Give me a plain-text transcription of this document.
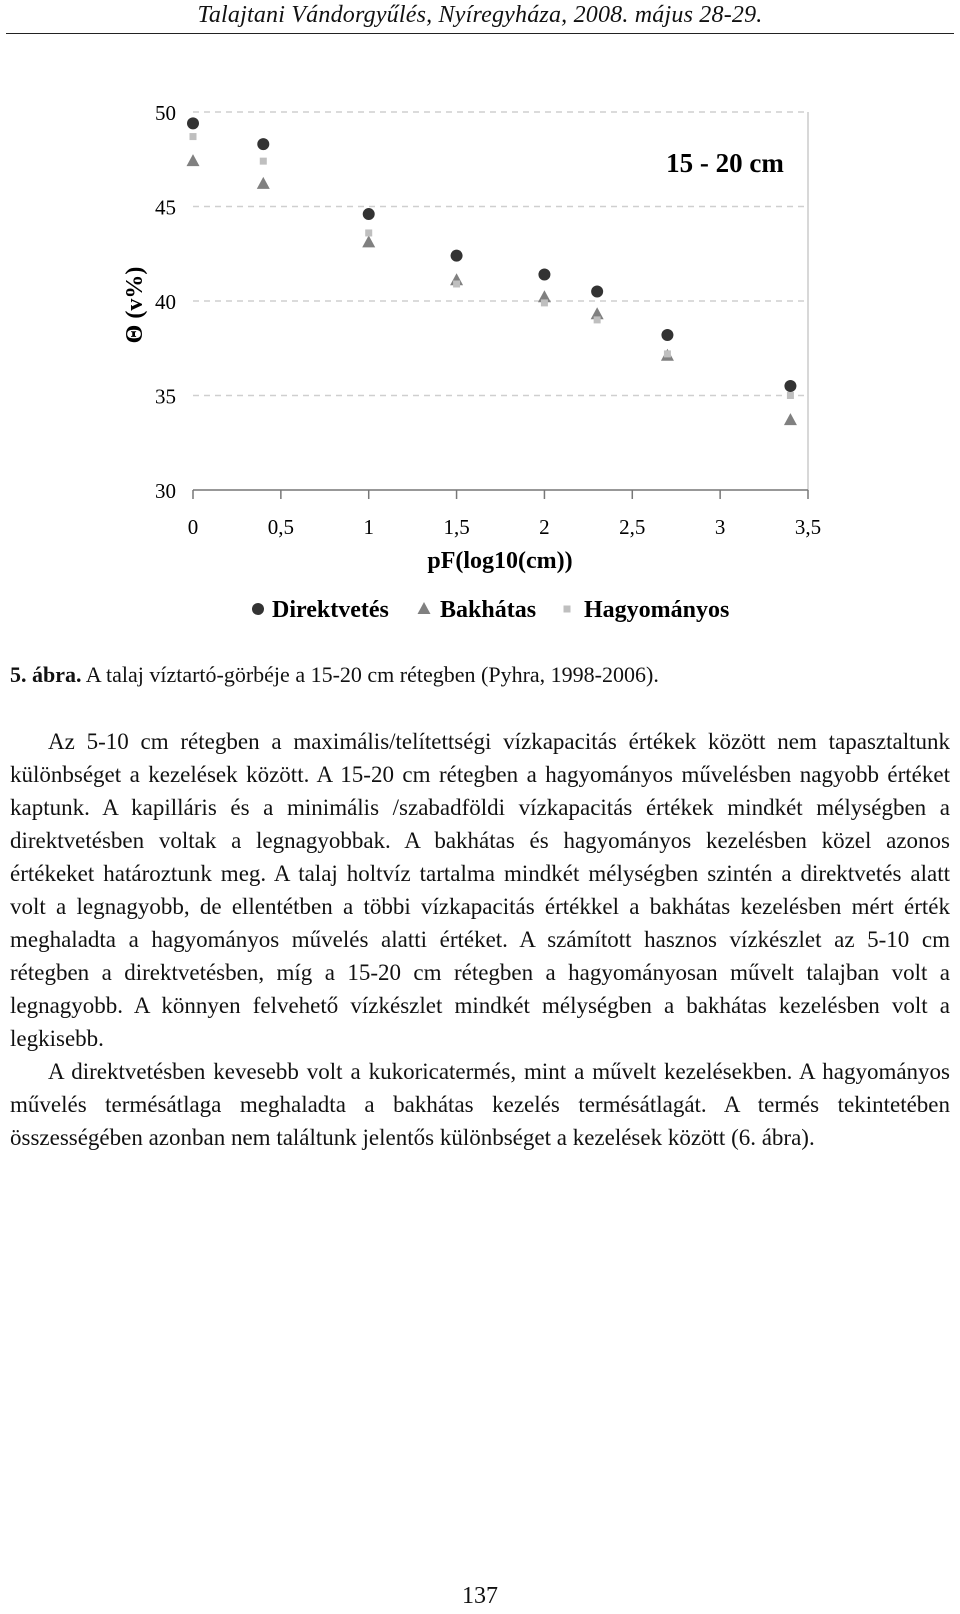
Talajtani Vándorgyűlés, Nyíregyháza, 2008. május 28-29.
30
35
40
45
50
0	0,5	1	1,5	2	2,5	3	3,5
15 - 20 cm
pF(log10(cm))
Θ (v%)
Direktvetés Bakhátas Hagyományos
5. ábra. A talaj víztartó-görbéje a 15-20 cm rétegben (Pyhra, 1998-2006).

Az 5-10 cm rétegben a maximális/telítettségi vízkapacitás értékek között nem tapasztaltunk különbséget a kezelések között. A 15-20 cm rétegben a hagyományos művelésben nagyobb értéket kaptunk. A kapilláris és a minimális /szabadföldi vízkapacitás értékek mindkét mélységben a direktvetésben voltak a legnagyobbak. A bakhátas és hagyományos kezelésben közel azonos értékeket határoztunk meg. A talaj holtvíz tartalma mindkét mélységben szintén a direktvetés alatt volt a legnagyobb, de ellentétben a többi vízkapacitás értékkel a bakhátas kezelésben mért érték meghaladta a hagyományos művelés alatti értéket. A számított hasznos vízkészlet az 5-10 cm rétegben a direktvetésben, míg a 15-20 cm rétegben a hagyományosan művelt talajban volt a legnagyobb. A könnyen felvehető vízkészlet mindkét mélységben a bakhátas kezelésben volt a legkisebb.

A direktvetésben kevesebb volt a kukoricatermés, mint a művelt kezelésekben. A hagyományos művelés termésátlaga meghaladta a bakhátas kezelés termésátlagát. A termés tekintetében összességében azonban nem találtunk jelentős különbséget a kezelések között (6. ábra).

137
